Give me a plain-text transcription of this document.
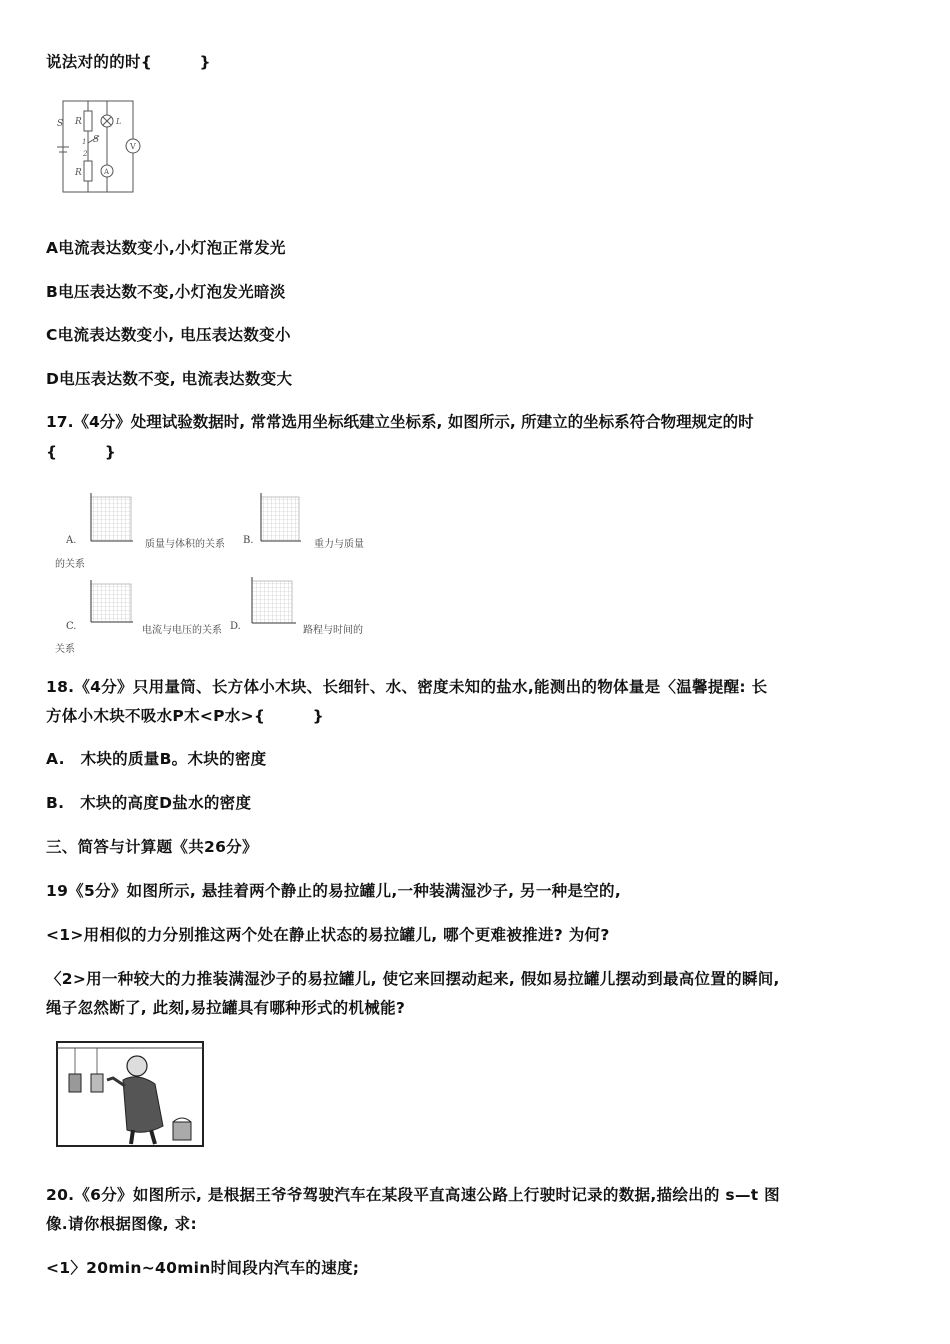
说法对的的时{　　　}
S R
R
S
1
2
L
V
A
A电流表达数变小,小灯泡正常发光
B电压表达数不变,小灯泡发光暗淡
C电流表达数变小, 电压表达数变小
D电压表达数不变, 电流表达数变大
17.《4分》处理试验数据时, 常常选用坐标纸建立坐标系, 如图所示, 所建立的坐标系符合物理规定的时
{　　　}
A.	质量与体积的关系 B.	重力与质量
的关系
C.	电流与电压的关系 D.	路程与时间的
关系
18.《4分》只用量筒、长方体小木块、长细针、水、密度未知的盐水,能测出的物体量是〈温馨提醒: 长
方体小木块不吸水P木<P水>{　　　}
A.　木块的质量B。木块的密度
B.　木块的高度D盐水的密度
三、简答与计算题《共26分》
19《5分》如图所示, 悬挂着两个静止的易拉罐儿,一种装满湿沙子, 另一种是空的,
<1>用相似的力分别推这两个处在静止状态的易拉罐儿, 哪个更难被推进? 为何?
〈2>用一种较大的力推装满湿沙子的易拉罐儿, 使它来回摆动起来, 假如易拉罐儿摆动到最高位置的瞬间,
绳子忽然断了, 此刻,易拉罐具有哪种形式的机械能?
20.《6分》如图所示, 是根据王爷爷驾驶汽车在某段平直高速公路上行驶时记录的数据,描绘出的 s—t 图
像.请你根据图像, 求:
<1〉20min~40min时间段内汽车的速度;
